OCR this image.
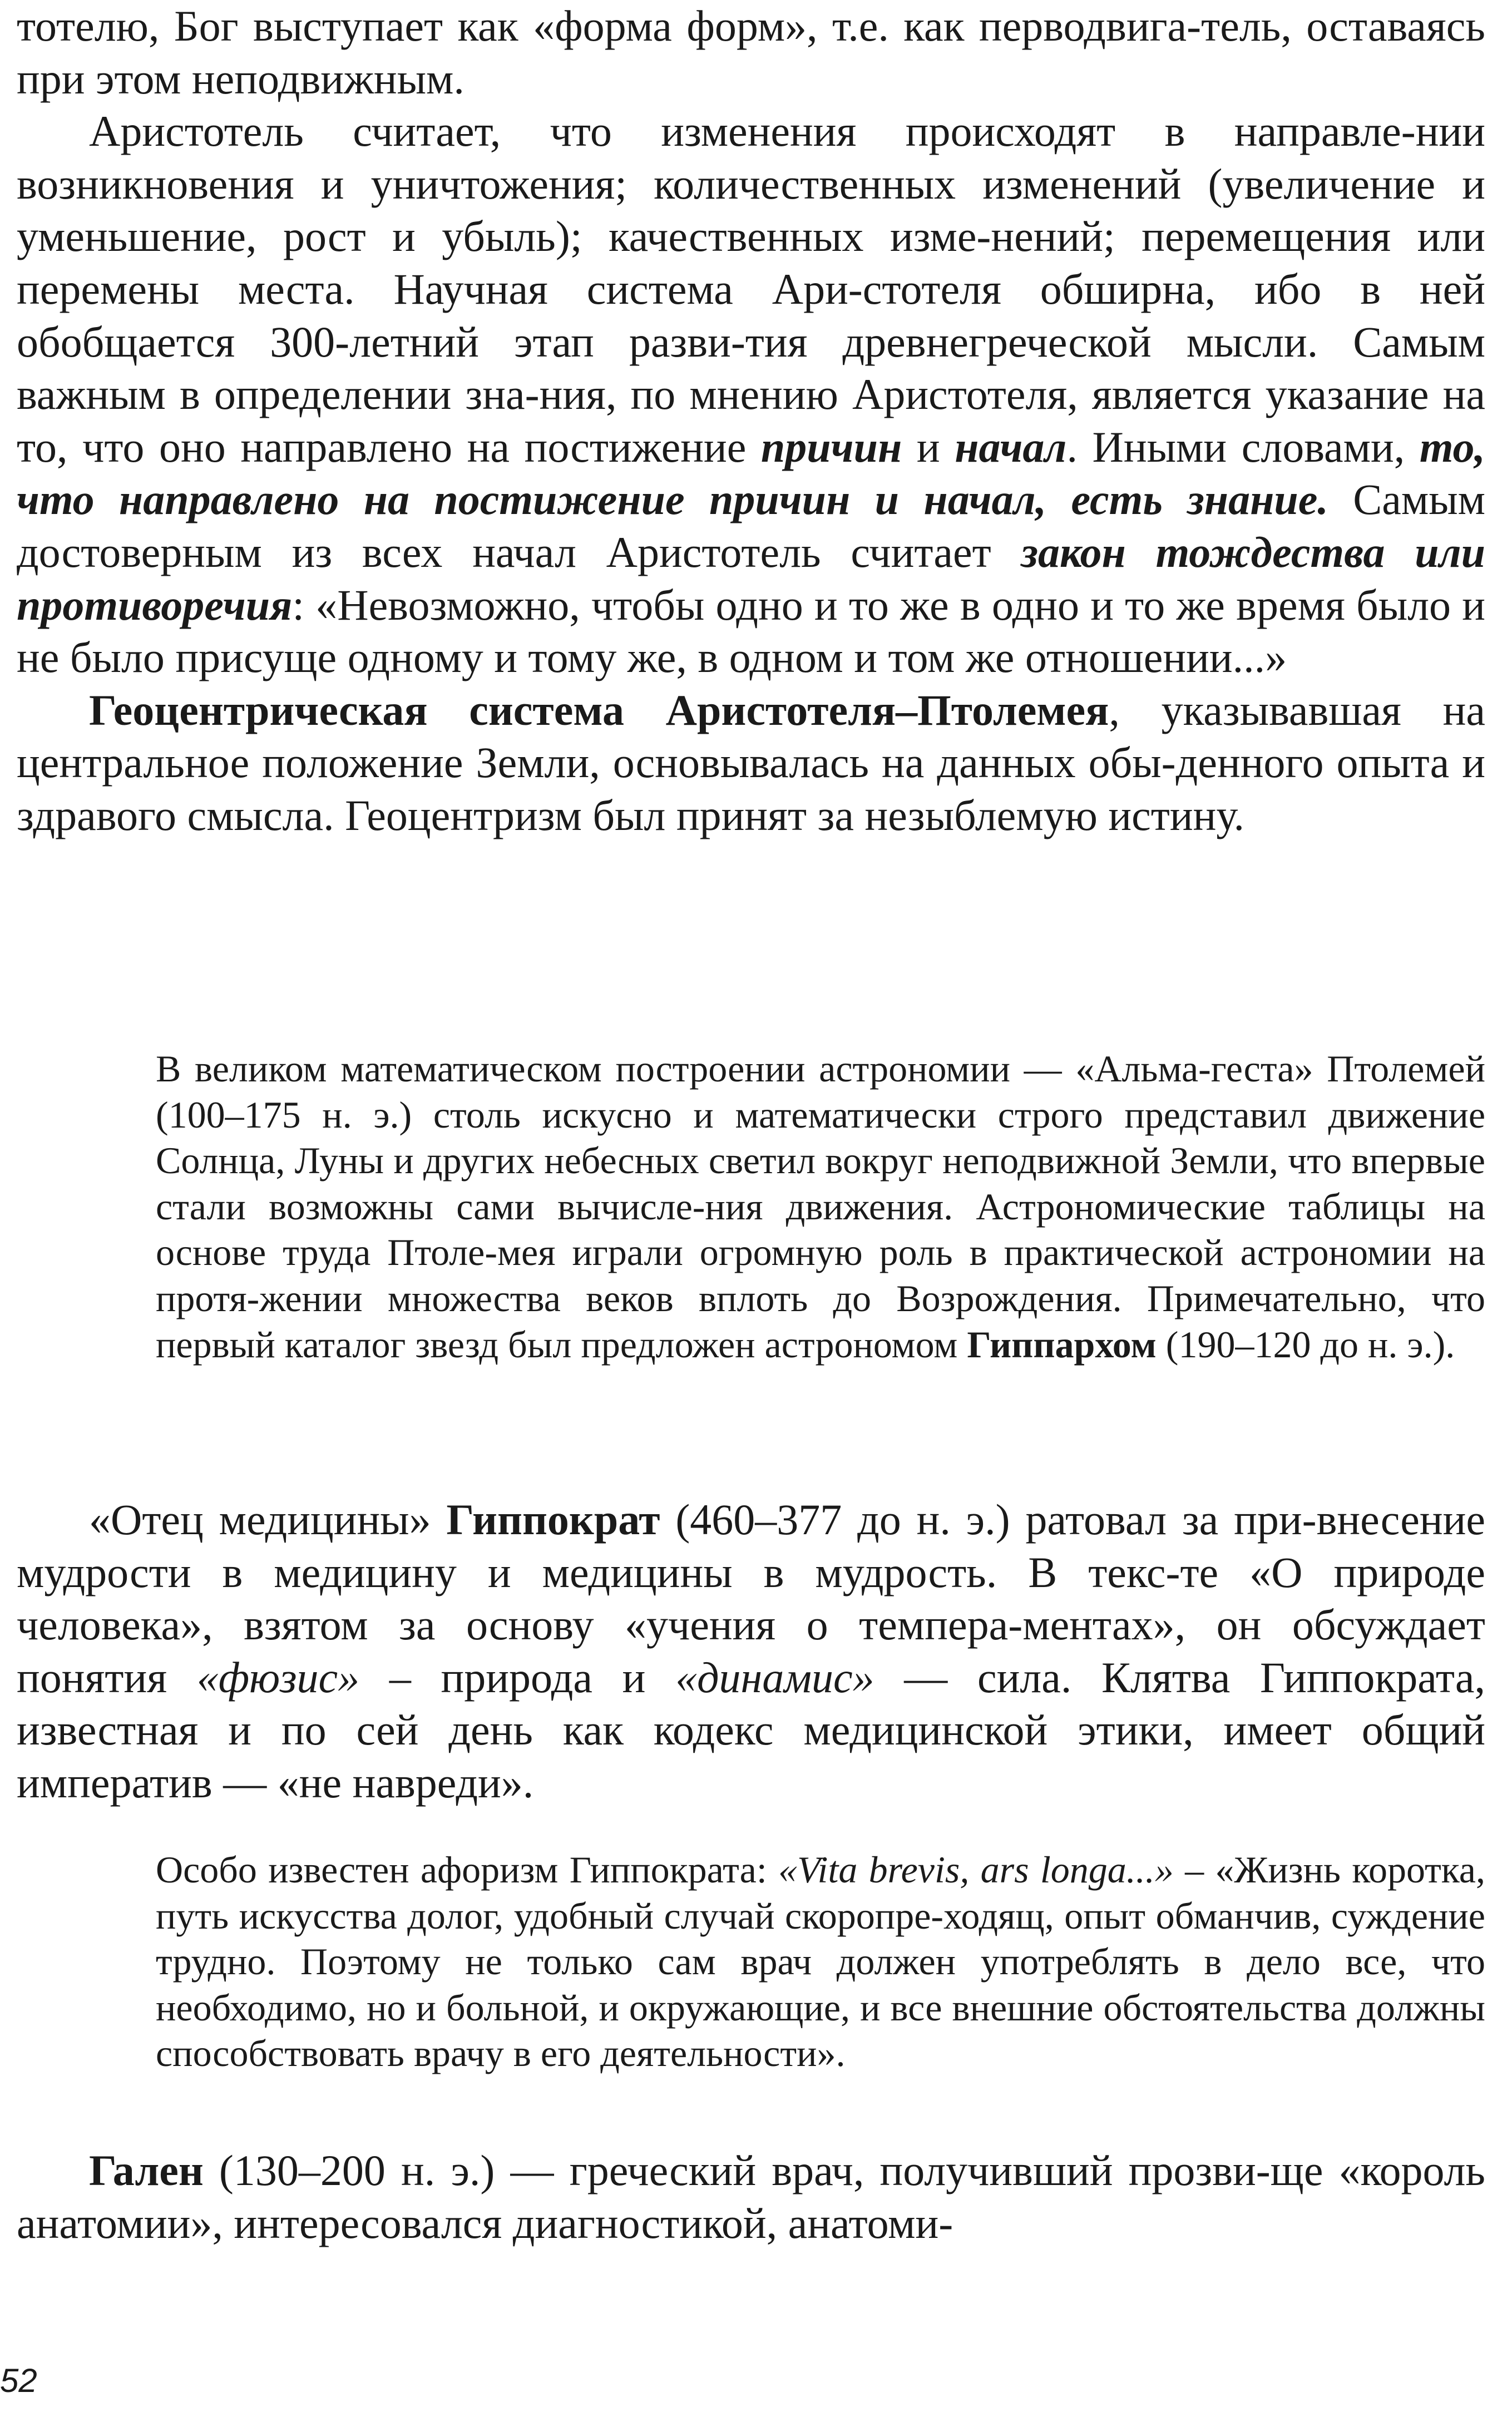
тотелю, Бог выступает как «форма форм», т.е. как перводвига-тель, оставаясь при этом неподвижным.

Аристотель считает, что изменения происходят в направле-нии возникновения и уничтожения; количественных изменений (увеличение и уменьшение, рост и убыль); качественных изме-нений; перемещения или перемены места. Научная система Ари-стотеля обширна, ибо в ней обобщается 300-летний этап разви-тия древнегреческой мысли. Самым важным в определении зна-ния, по мнению Аристотеля, является указание на то, что оно направлено на постижение причин и начал. Иными словами, то, что направлено на постижение причин и начал, есть знание. Самым достоверным из всех начал Аристотель считает закон тождества или противоречия: «Невозможно, чтобы одно и то же в одно и то же время было и не было присуще одному и тому же, в одном и том же отношении...»

Геоцентрическая система Аристотеля–Птолемея, указывавшая на центральное положение Земли, основывалась на данных обы-денного опыта и здравого смысла. Геоцентризм был принят за незыблемую истину.

В великом математическом построении астрономии — «Альма-геста» Птолемей (100–175 н. э.) столь искусно и математически строго представил движение Солнца, Луны и других небесных светил вокруг неподвижной Земли, что впервые стали возможны сами вычисле-ния движения. Астрономические таблицы на основе труда Птоле-мея играли огромную роль в практической астрономии на протя-жении множества веков вплоть до Возрождения. Примечательно, что первый каталог звезд был предложен астрономом Гиппархом (190–120 до н. э.).

«Отец медицины» Гиппократ (460–377 до н. э.) ратовал за при-внесение мудрости в медицину и медицины в мудрость. В текс-те «О природе человека», взятом за основу «учения о темпера-ментах», он обсуждает понятия «фюзис» – природа и «динамис» — сила. Клятва Гиппократа, известная и по сей день как кодекс медицинской этики, имеет общий императив — «не навреди».

Особо известен афоризм Гиппократа: «Vita brevis, ars longa...» – «Жизнь коротка, путь искусства долог, удобный случай скоропре-ходящ, опыт обманчив, суждение трудно. Поэтому не только сам врач должен употреблять в дело все, что необходимо, но и больной, и окружающие, и все внешние обстоятельства должны способствовать врачу в его деятельности».

Гален (130–200 н. э.) — греческий врач, получивший прозви-ще «король анатомии», интересовался диагностикой, анатоми-

52
